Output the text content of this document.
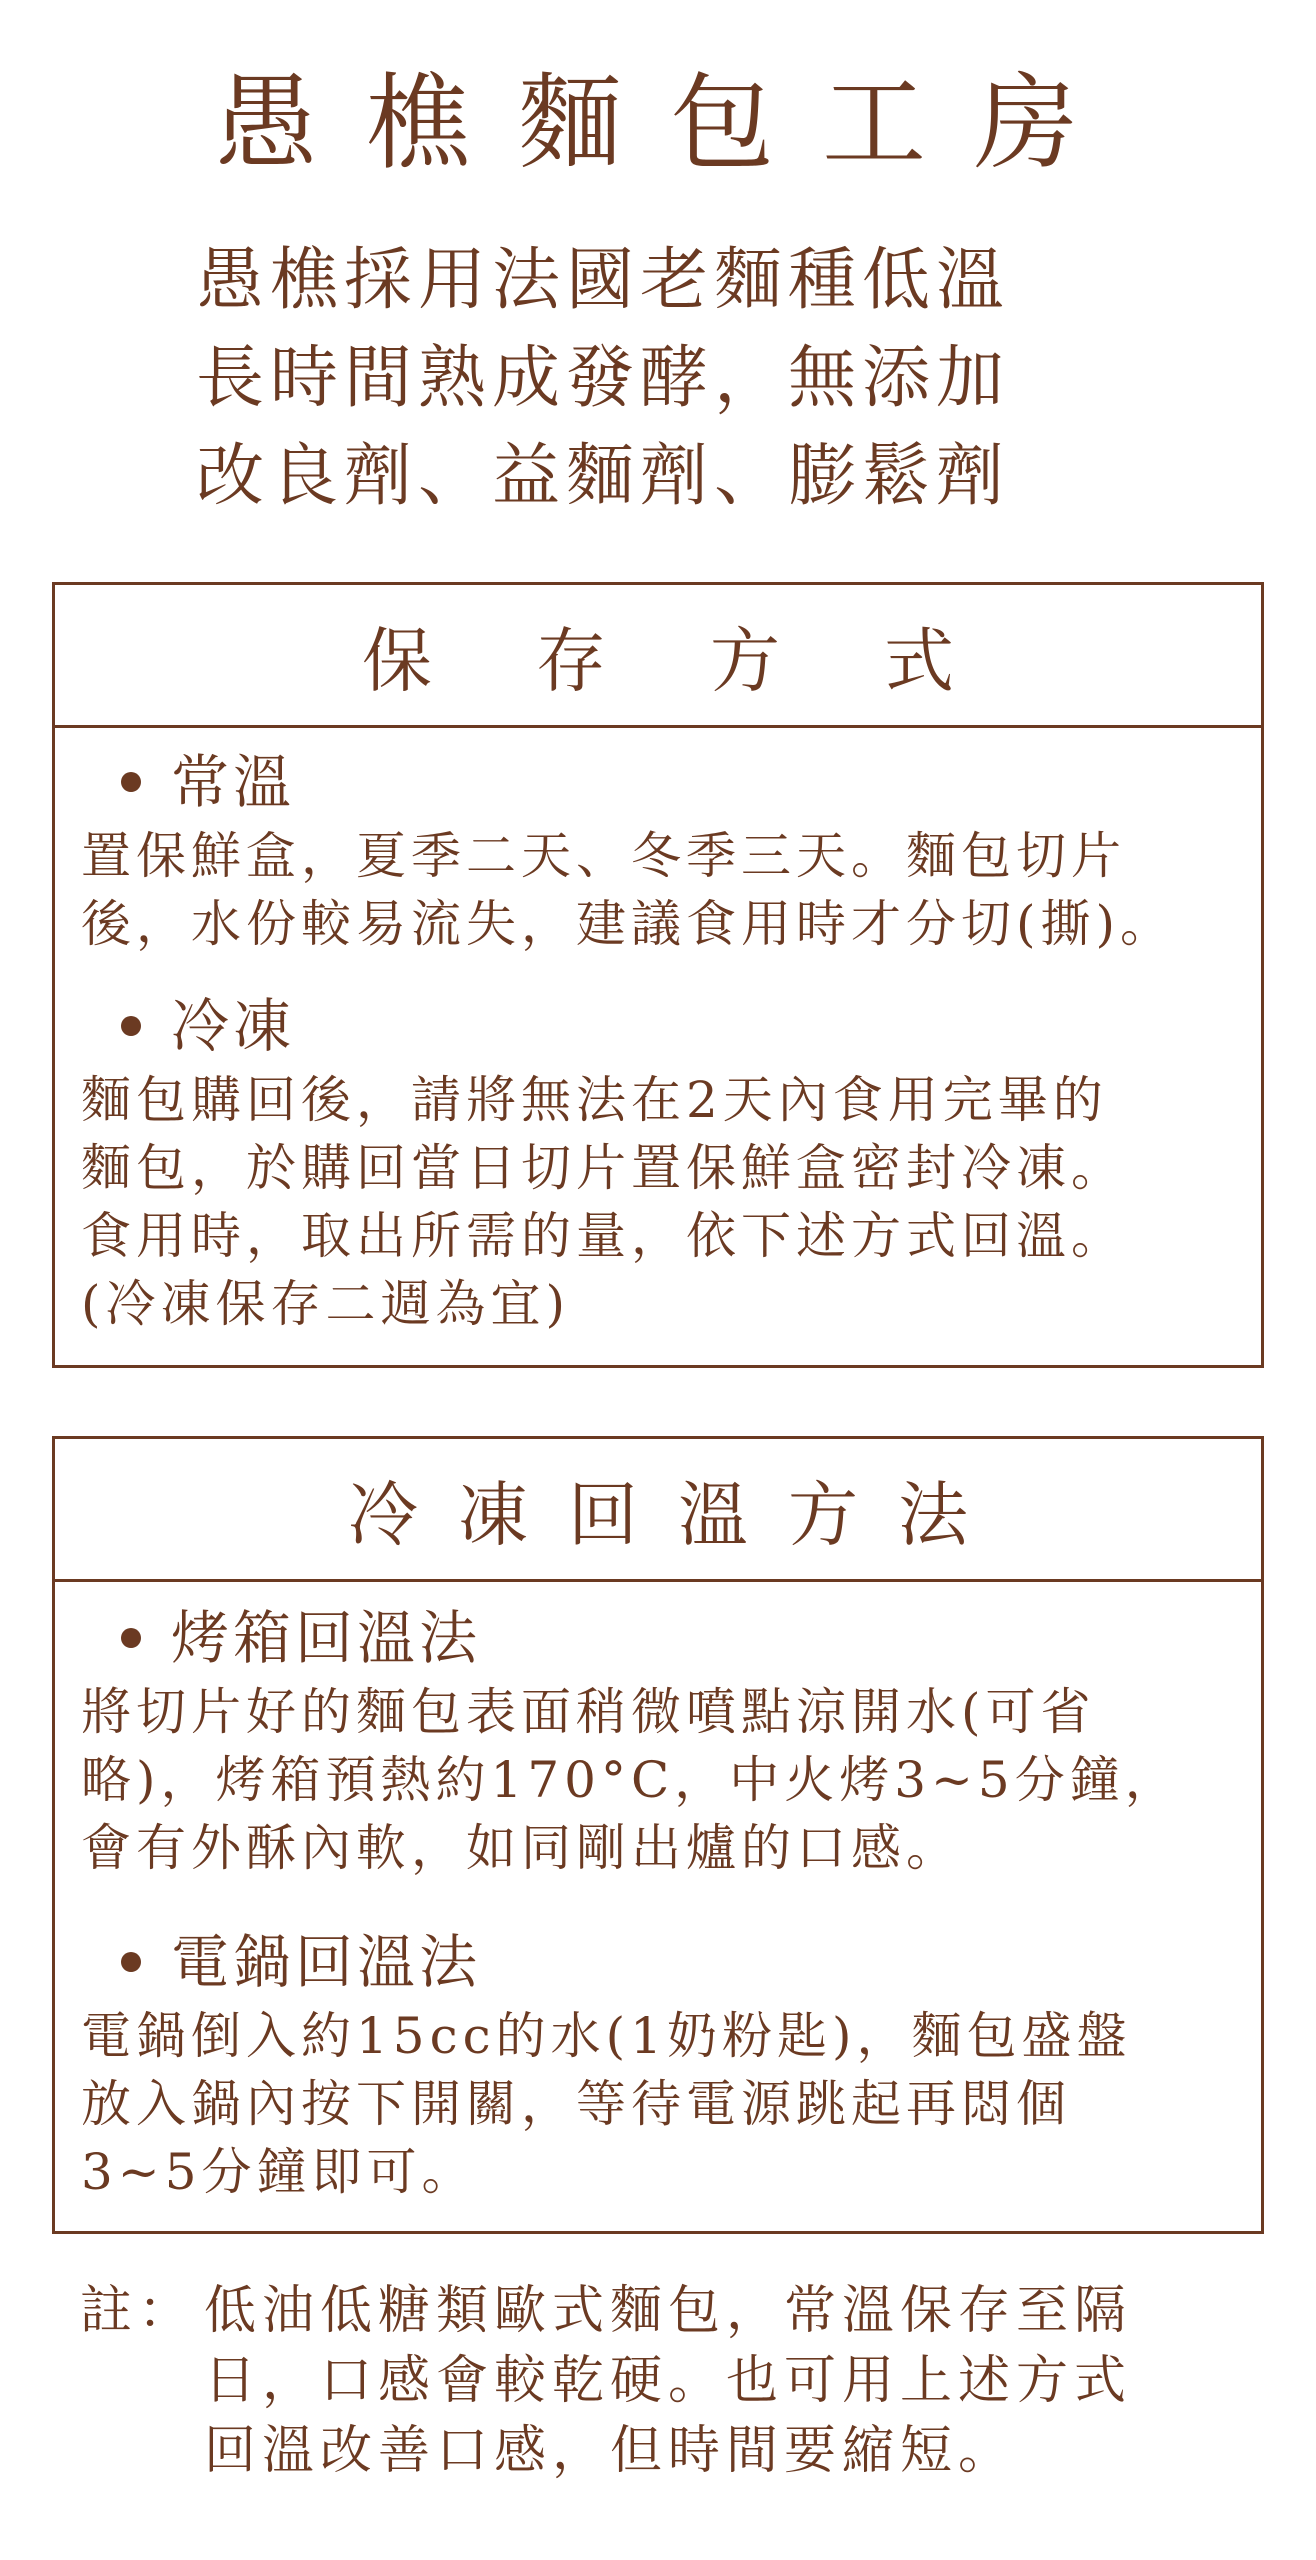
愚樵麵包工房
愚樵採用法國老麵種低溫
長時間熟成發酵，無添加
改良劑、益麵劑、膨鬆劑
保存方式
常溫
置保鮮盒，夏季二天、冬季三天。麵包切片
後，水份較易流失，建議食用時才分切(撕)。
冷凍
麵包購回後，請將無法在2天內食用完畢的
麵包，於購回當日切片置保鮮盒密封冷凍。
食用時，取出所需的量，依下述方式回溫。
(冷凍保存二週為宜)
冷凍回溫方法
烤箱回溫法
將切片好的麵包表面稍微噴點涼開水(可省
略)，烤箱預熱約170°C，中火烤3~5分鐘，
會有外酥內軟，如同剛出爐的口感。
電鍋回溫法
電鍋倒入約15cc的水(1奶粉匙)，麵包盛盤
放入鍋內按下開關，等待電源跳起再悶個
3~5分鐘即可。
註： 低油低糖類歐式麵包，常溫保存至隔
日，口感會較乾硬。也可用上述方式
回溫改善口感，但時間要縮短。
